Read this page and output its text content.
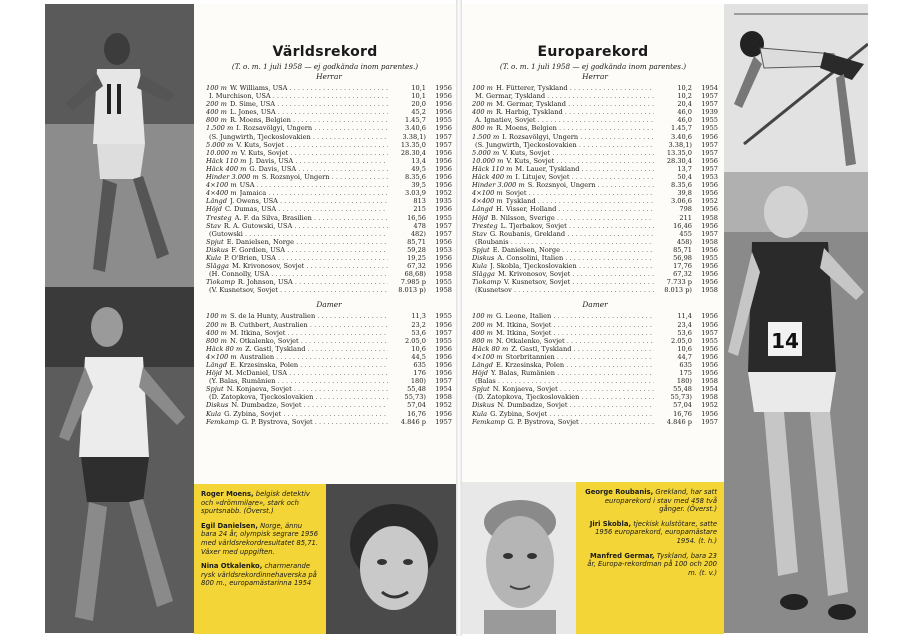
Världsrekord
(T. o. m. 1 juli 1958 — ej godkända inom parentes.)
Herrar
100 m W. Williams, USA . . .	10,1	1956
I. Murchison, USA . . .	10,1	1956
200 m D. Sime, USA . . .	20,0	1956
400 m L. Jones, USA . . .	45,2	1956
800 m R. Moens, Belgien . . .	1.45,7	1955
1.500 m I. Rozsavölgyi, Ungern . . .	3.40,6	1956
(S. Jungwirth, Tjeckoslovakien . . .	3.38,1)	1957
5.000 m V. Kuts, Sovjet . . .	13.35,0	1957
10.000 m V. Kuts, Sovjet . . .	28.30,4	1956
Häck 110 m J. Davis, USA . . .	13,4	1956
Häck 400 m G. Davis, USA . . .	49,5	1956
Hinder 3.000 m S. Rozsnyoi, Ungern . . .	8.35,6	1956
4×100 m USA . . .	39,5	1956
4×400 m Jamaica . . .	3.03,9	1952
Längd J. Owens, USA . . .	813	1935
Höjd C. Dumas, USA . . .	215	1956
Tresteg A. F. da Silva, Brasilien . . .	16,56	1955
Stav R. A. Gutowski, USA . . .	478	1957
(Gutowski . . .	482)	1957
Spjut E. Danielsen, Norge . . .	85,71	1956
Diskus F. Gordien, USA . . .	59,28	1953
Kula P. O'Brien, USA . . .	19,25	1956
Slägga M. Krivonosov, Sovjet . . .	67,32	1956
(H. Connolly, USA . . .	68,68)	1958
Tiokamp R. Johnson, USA . . .	7.985 p	1955
(V. Kusnetsov, Sovjet . . .	8.013 p)	1958
Damer
100 m S. de la Hunty, Australien . . .	11,3	1955
200 m B. Cuthbert, Australien . . .	23,2	1956
400 m M. Itkina, Sovjet . . .	53,6	1957
800 m N. Otkalenko, Sovjet . . .	2.05,0	1955
Häck 80 m Z. Gastl, Tyskland . . .	10,6	1956
4×100 m Australien . . .	44,5	1956
Längd E. Krzesinska, Polen . . .	635	1956
Höjd M. McDaniel, USA . . .	176	1956
(Y. Balas, Rumänien . . .	180)	1957
Spjut N. Konjaeva, Sovjet . . .	55,48	1954
(D. Zatopkova, Tjeckoslovakien . . .	55,73)	1958
Diskus N. Dumbadze, Sovjet . . .	57,04	1952
Kula G. Zybina, Sovjet . . .	16,76	1956
Femkamp G. P. Bystrova, Sovjet . . .	4.846 p	1957

Roger Moens, belgisk detektiv och »drömmilare», stark och spurtsnabb. (Överst.)

Egil Danielsen, Norge, ännu bara 24 år, olympisk segrare 1956 med världsrekordresultatet 85,71. Växer med uppgiften.

Nina Otkalenko, charmerande rysk världsrekordinnehaverska på 800 m., europamästarinna 1954

Europarekord
(T. o. m. 1 juli 1958 — ej godkända inom parentes.)
Herrar
100 m H. Fütterer, Tyskland . . .	10,2	1954
M. Germar, Tyskland . . .	10,2	1957
200 m M. Germar, Tyskland . . .	20,4	1957
400 m R. Harbig, Tyskland . . .	46,0	1939
A. Ignatiev, Sovjet . . .	46,0	1955
800 m R. Moens, Belgien . . .	1.45,7	1955
1.500 m I. Rozsavölgyi, Ungern . . .	3.40,6	1956
(S. Jungwirth, Tjeckoslovakien . . .	3.38,1)	1957
5.000 m V. Kuts, Sovjet . . .	13.35,0	1957
10.000 m V. Kuts, Sovjet . . .	28.30,4	1956
Häck 110 m M. Lauer, Tyskland . . .	13,7	1957
Häck 400 m I. Litujev, Sovjet . . .	50,4	1953
Hinder 3.000 m S. Rozsnyoi, Ungern . . .	8.35,6	1956
4×100 m Sovjet . . .	39,8	1956
4×400 m Tyskland . . .	3.06,6	1952
Längd H. Visser, Holland . . .	798	1956
Höjd B. Nilsson, Sverige . . .	211	1958
Tresteg L. Tjerbakov, Sovjet . . .	16,46	1956
Stav G. Roubanis, Grekland . . .	455	1957
(Roubanis . . .	458)	1958
Spjut E. Danielsen, Norge . . .	85,71	1956
Diskus A. Consolini, Italien . . .	56,98	1955
Kula J. Skobla, Tjeckoslovakien . . .	17,76	1956
Slägga M. Krivonosov, Sovjet . . .	67,32	1956
Tiokamp V. Kusnetsov, Sovjet . . .	7.733 p	1956
(Kusnetsov . . .	8.013 p)	1958
Damer
100 m G. Leone, Italien . . .	11,4	1956
200 m M. Itkina, Sovjet . . .	23,4	1956
400 m M. Itkina, Sovjet . . .	53,6	1957
800 m N. Otkalenko, Sovjet . . .	2.05,0	1955
Häck 80 m Z. Gastl, Tyskland . . .	10,6	1956
4×100 m Storbritannien . . .	44,7	1956
Längd E. Krzesinska, Polen . . .	635	1956
Höjd Y. Balas, Rumänien . . .	175	1956
(Balas . . .	180)	1958
Spjut N. Konjaeva, Sovjet . . .	55,48	1954
(D. Zatopkova, Tjeckoslovakien . . .	55,73)	1958
Diskus N. Dumbadze, Sovjet . . .	57,04	1952
Kula G. Zybina, Sovjet . . .	16,76	1956
Femkamp G. P. Bystrova, Sovjet . . .	4.846 p	1957

George Roubanis, Grekland, har satt europarekord i stav med 458 två gånger. (Överst.)

Jiri Skobla, tjeckisk kulstötare, satte 1956 europarekord, europamästare 1954. (t. h.)

Manfred Germar, Tyskland, bara 23 år, Europa-rekordman på 100 och 200 m. (t. v.)

14
